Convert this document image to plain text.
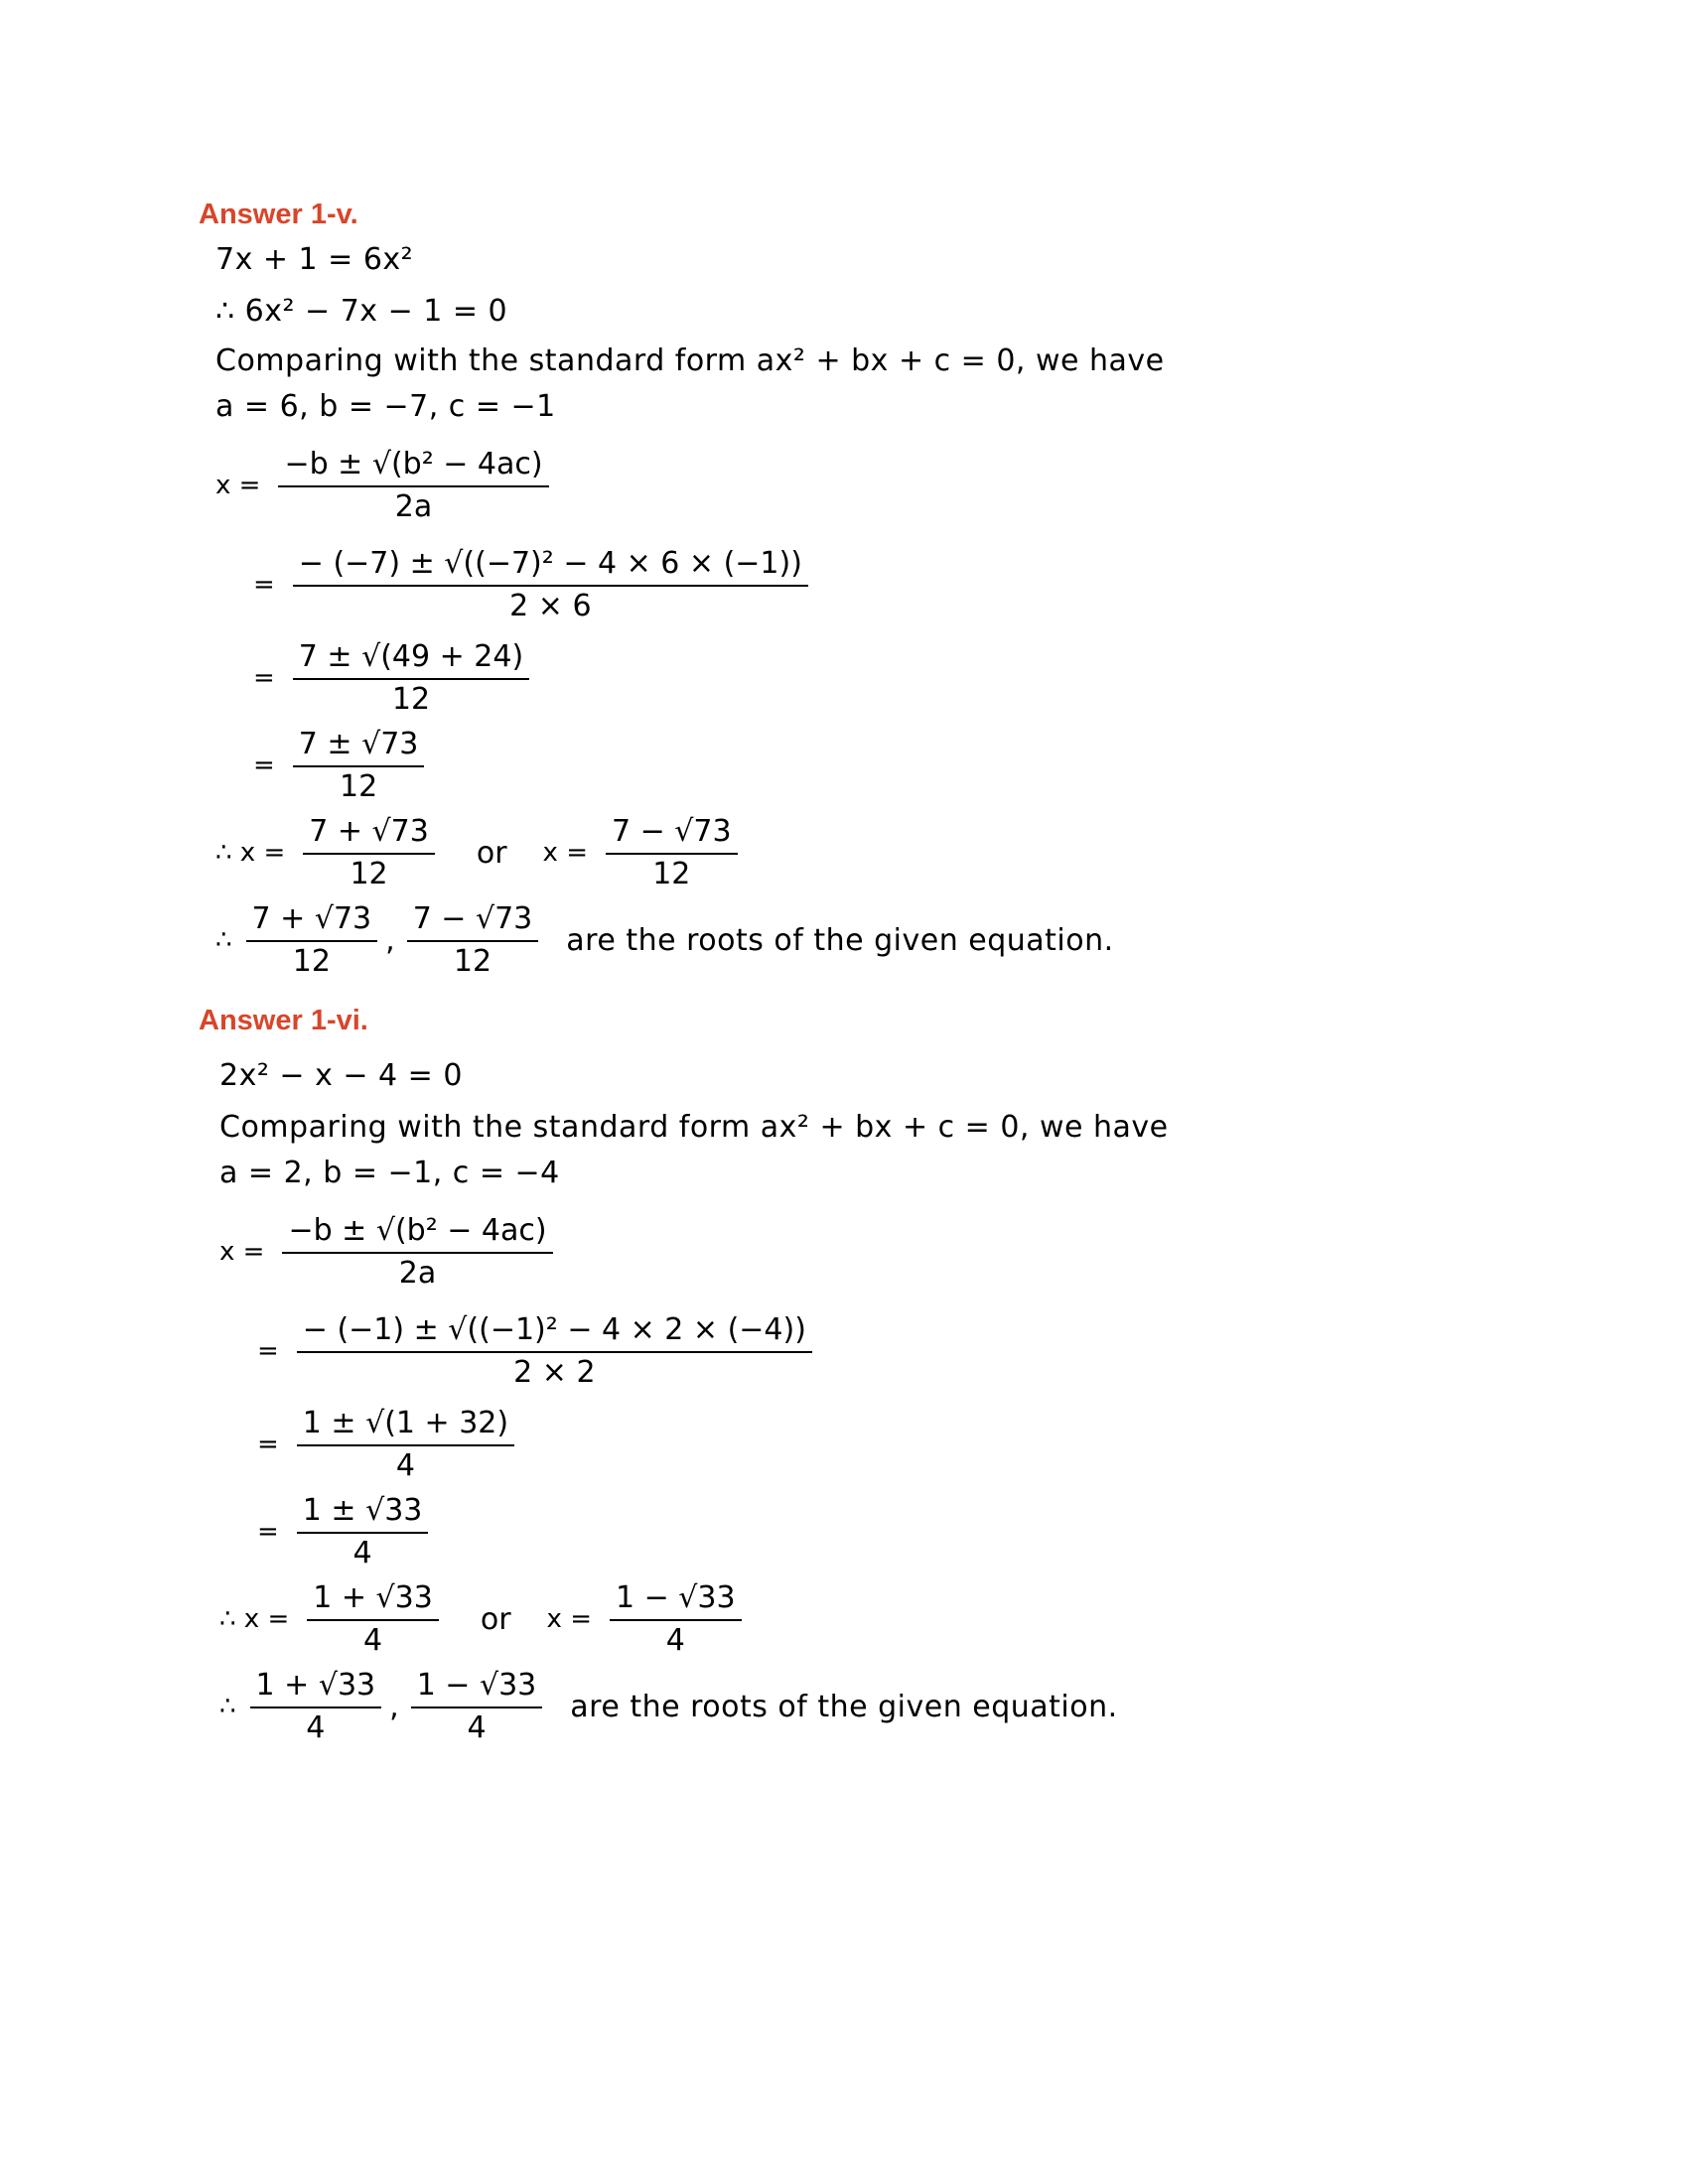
Answer 1-v.
7x + 1 = 6x²
∴ 6x² − 7x − 1 = 0
Comparing with the standard form ax² + bx + c = 0, we have
a = 6, b = −7, c = −1
$x = \frac{\text{−b ± √(b² − 4ac)}}{2a}$
= $\frac{\text{− (−7) ± √((−7)² − 4 × 6 × (−1))}}{2 \times 6}$
= $\frac{7 \pm √(49 + 24)}{12}$
= $\frac{7 \pm √73}{12}$
∴ $x = \frac{7 + √73}{12}$ or $x = \frac{7 - √73}{12}$
∴ $\frac{7 + √73}{12}$ , $\frac{7 - √73}{12}$ are the roots of the given equation.
Answer 1-vi.
2x² − x − 4 = 0
Comparing with the standard form ax² + bx + c = 0, we have
a = 2, b = −1, c = −4
$x = \frac{\text{−b ± √(b² − 4ac)}}{2a}$
= $\frac{\text{− (−1) ± √((−1)² − 4 × 2 × (−4))}}{2 \times 2}$
= $\frac{1 \pm √(1 + 32)}{4}$
= $\frac{1 \pm √33}{4}$
∴ $x = \frac{1 + √33}{4}$ or $x = \frac{1 - √33}{4}$
∴ $\frac{1 + √33}{4}$ , $\frac{1 - √33}{4}$ are the roots of the given equation.
